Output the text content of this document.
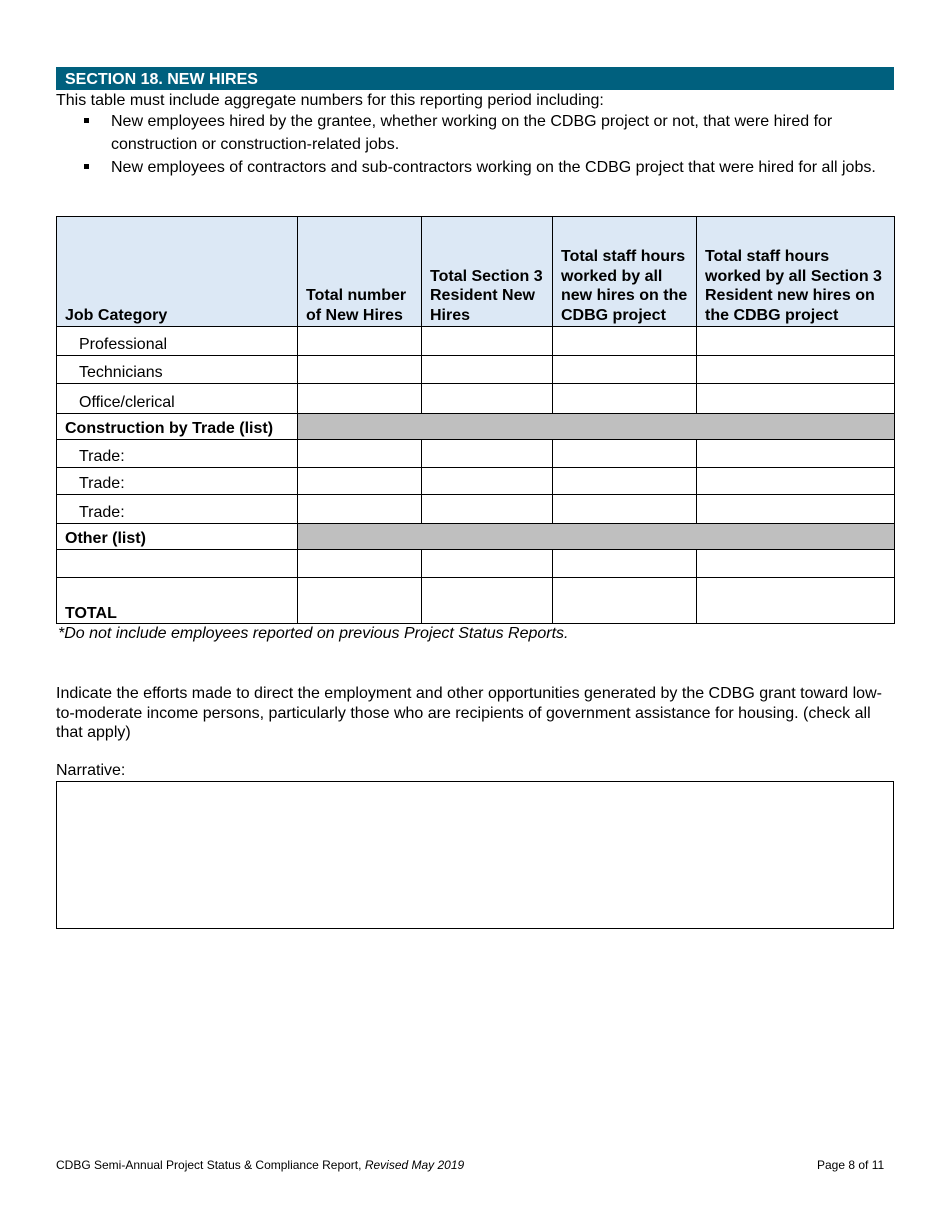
SECTION 18. NEW HIRES
This table must include aggregate numbers for this reporting period including:
New employees hired by the grantee, whether working on the CDBG project or not, that were hired for construction or construction-related jobs.
New employees of contractors and sub-contractors working on the CDBG project that were hired for all jobs.
Job Category	Total number of New Hires	Total Section 3 Resident New Hires	Total staff hours worked by all new hires on the CDBG project	Total staff hours worked by all Section 3 Resident new hires on the CDBG project
Professional				
Technicians				
Office/clerical				
Construction by Trade (list)				
Trade:				
Trade:				
Trade:				
Other (list)				

TOTAL				
*Do not include employees reported on previous Project Status Reports.
Indicate the efforts made to direct the employment and other opportunities generated by the CDBG grant toward low-to-moderate income persons, particularly those who are recipients of government assistance for housing. (check all that apply)
Narrative:
CDBG Semi-Annual Project Status & Compliance Report, Revised May 2019	Page 8 of 11
